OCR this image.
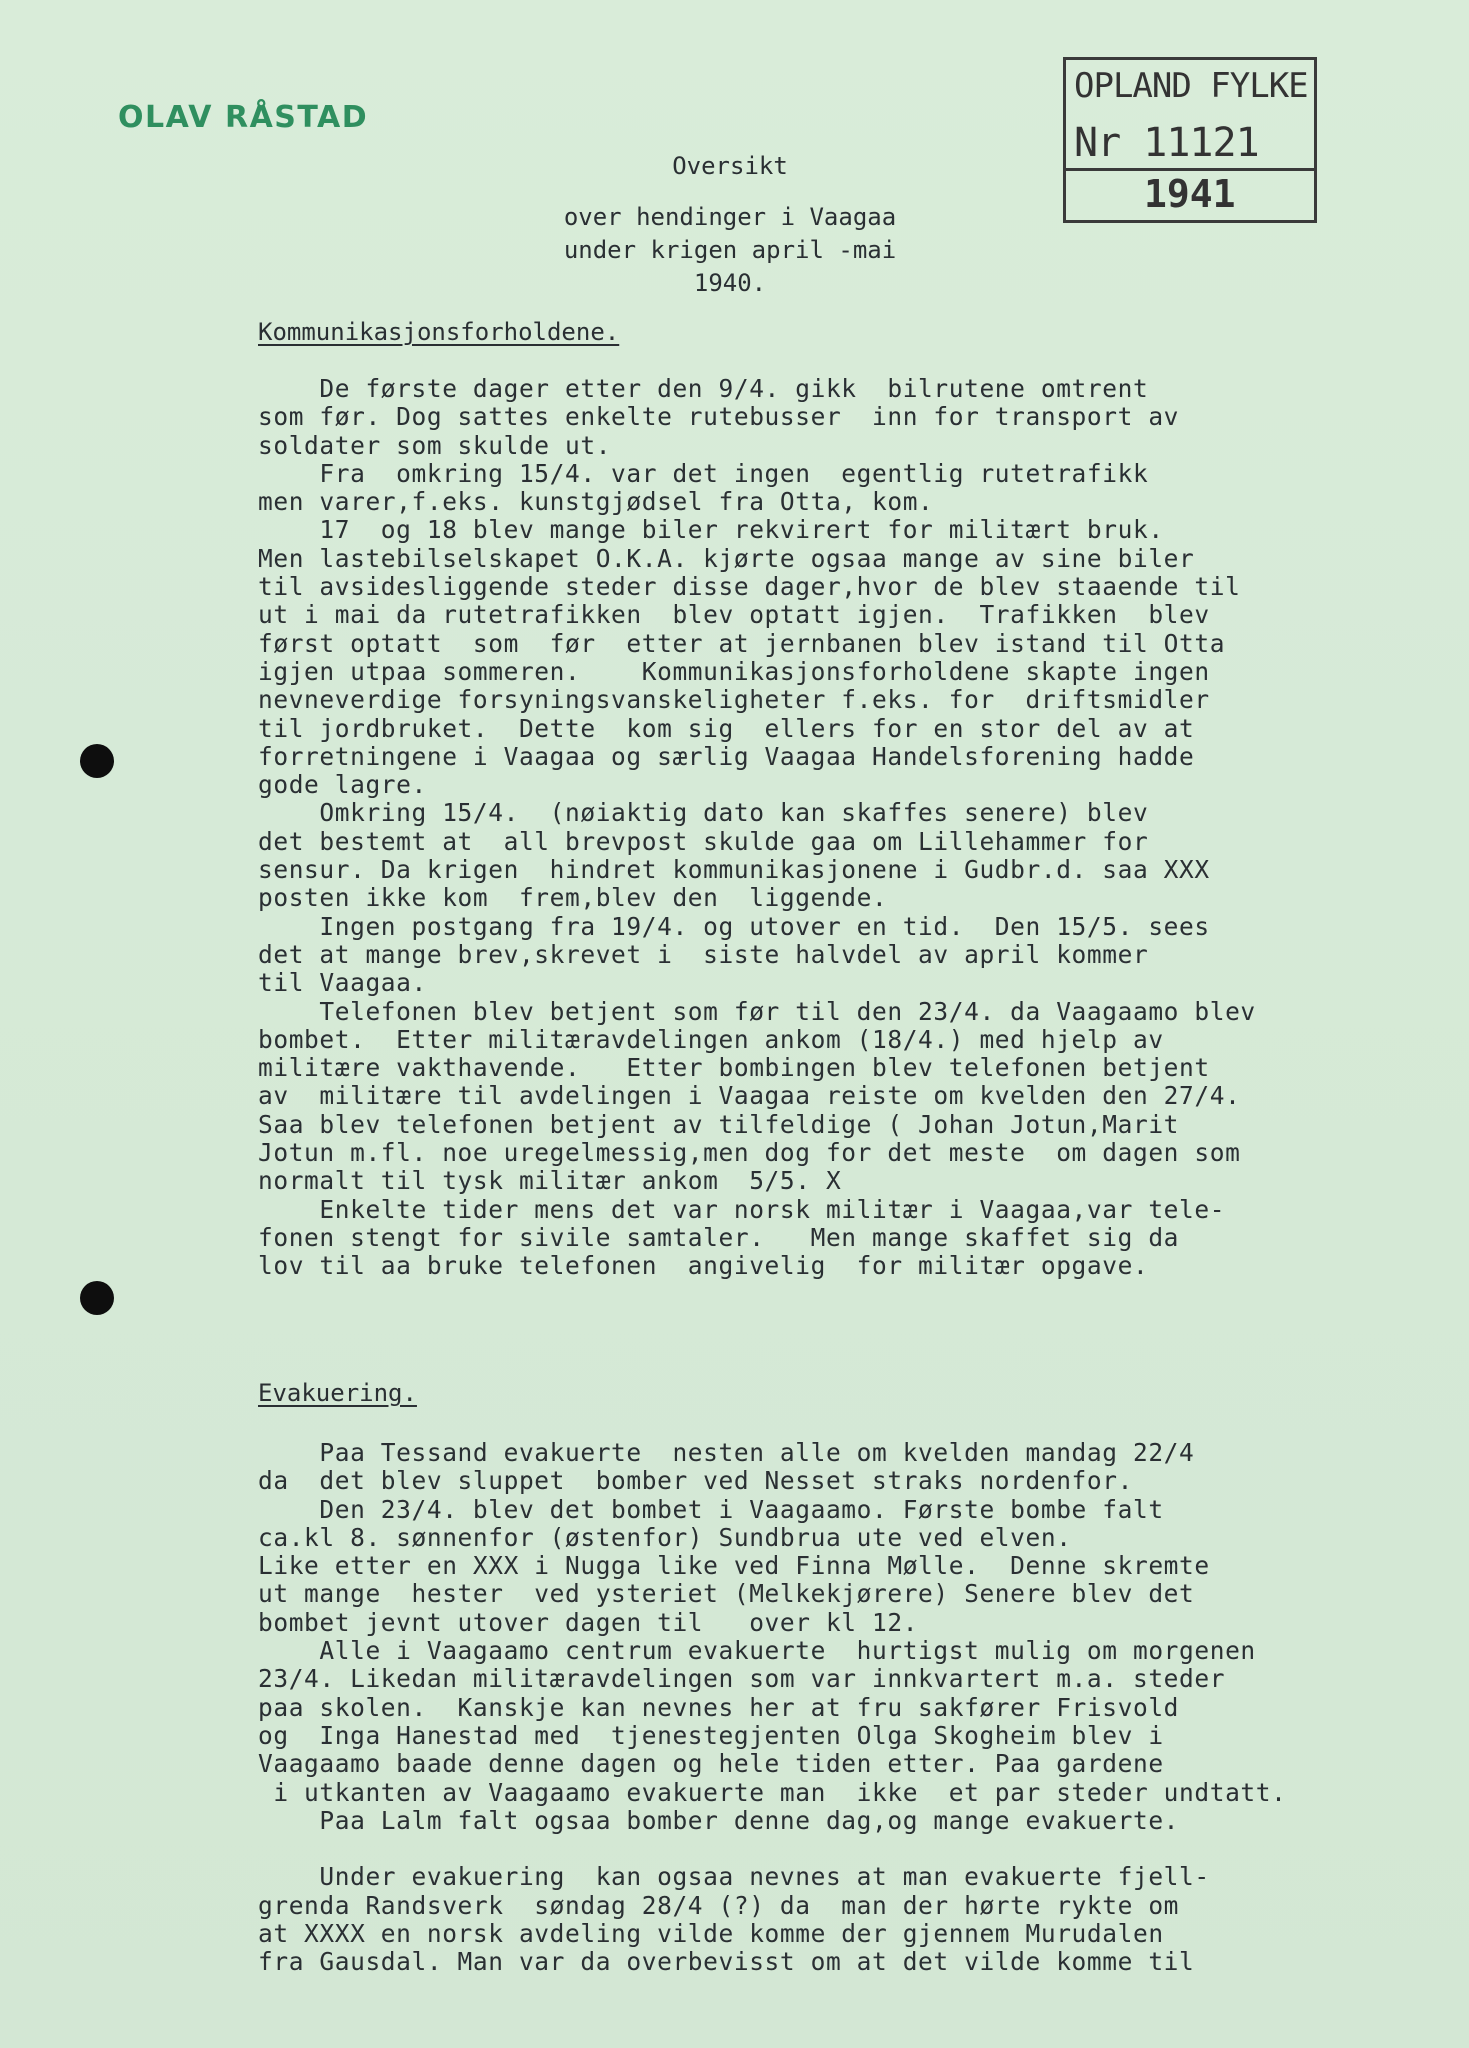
OLAV RÅSTAD
OPLAND FYLKE
Nr 11121
1941
Oversikt
over hendinger i Vaagaa
under krigen april -mai
1940.
Kommunikasjonsforholdene.
De første dager etter den 9/4. gikk  bilrutene omtrent
som før. Dog sattes enkelte rutebusser  inn for transport av
soldater som skulde ut.
Fra  omkring 15/4. var det ingen  egentlig rutetrafikk
men varer,f.eks. kunstgjødsel fra Otta, kom.
17  og 18 blev mange biler rekvirert for militært bruk.
Men lastebilselskapet O.K.A. kjørte ogsaa mange av sine biler
til avsidesliggende steder disse dager,hvor de blev staaende til
ut i mai da rutetrafikken  blev optatt igjen.  Trafikken  blev
først optatt  som  før  etter at jernbanen blev istand til Otta
igjen utpaa sommeren.    Kommunikasjonsforholdene skapte ingen
nevneverdige forsyningsvanskeligheter f.eks. for  driftsmidler
til jordbruket.  Dette  kom sig  ellers for en stor del av at
forretningene i Vaagaa og særlig Vaagaa Handelsforening hadde
gode lagre.
Omkring 15/4.  (nøiaktig dato kan skaffes senere) blev
det bestemt at  all brevpost skulde gaa om Lillehammer for
sensur. Da krigen  hindret kommunikasjonene i Gudbr.d. saa XXX
posten ikke kom  frem,blev den  liggende.
Ingen postgang fra 19/4. og utover en tid.  Den 15/5. sees
det at mange brev,skrevet i  siste halvdel av april kommer
til Vaagaa.
Telefonen blev betjent som før til den 23/4. da Vaagaamo blev
bombet.  Etter militæravdelingen ankom (18/4.) med hjelp av
militære vakthavende.   Etter bombingen blev telefonen betjent
av  militære til avdelingen i Vaagaa reiste om kvelden den 27/4.
Saa blev telefonen betjent av tilfeldige ( Johan Jotun,Marit
Jotun m.fl. noe uregelmessig,men dog for det meste  om dagen som
normalt til tysk militær ankom  5/5. X
Enkelte tider mens det var norsk militær i Vaagaa,var tele-
fonen stengt for sivile samtaler.   Men mange skaffet sig da
lov til aa bruke telefonen  angivelig  for militær opgave.
Evakuering.
Paa Tessand evakuerte  nesten alle om kvelden mandag 22/4
da  det blev sluppet  bomber ved Nesset straks nordenfor.
Den 23/4. blev det bombet i Vaagaamo. Første bombe falt
ca.kl 8. sønnenfor (østenfor) Sundbrua ute ved elven.
Like etter en XXX i Nugga like ved Finna Mølle.  Denne skremte
ut mange  hester  ved ysteriet (Melkekjørere) Senere blev det
bombet jevnt utover dagen til   over kl 12.
Alle i Vaagaamo centrum evakuerte  hurtigst mulig om morgenen
23/4. Likedan militæravdelingen som var innkvartert m.a. steder
paa skolen.  Kanskje kan nevnes her at fru sakfører Frisvold
og  Inga Hanestad med  tjenestegjenten Olga Skogheim blev i
Vaagaamo baade denne dagen og hele tiden etter. Paa gardene
i utkanten av Vaagaamo evakuerte man  ikke  et par steder undtatt.
Paa Lalm falt ogsaa bomber denne dag,og mange evakuerte.

Under evakuering  kan ogsaa nevnes at man evakuerte fjell-
grenda Randsverk  søndag 28/4 (?) da  man der hørte rykte om
at XXXX en norsk avdeling vilde komme der gjennem Murudalen
fra Gausdal. Man var da overbevisst om at det vilde komme til
